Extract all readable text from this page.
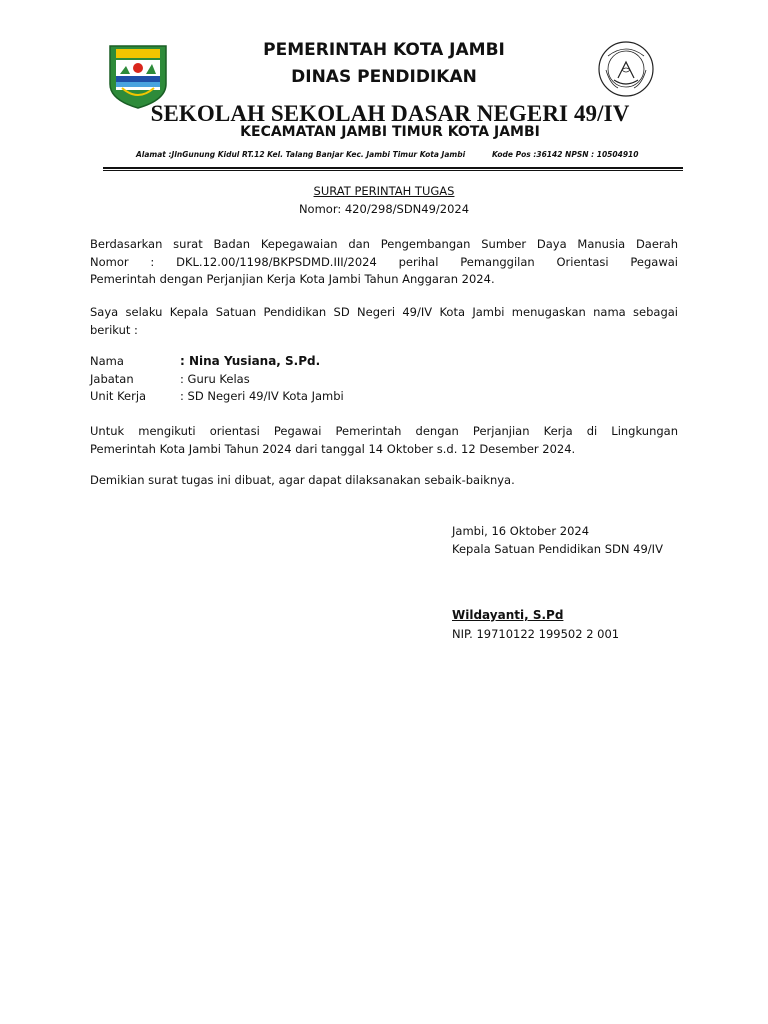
PEMERINTAH KOTA JAMBI
DINAS PENDIDIKAN
SEKOLAH SEKOLAH DASAR NEGERI 49/IV
KECAMATAN JAMBI TIMUR KOTA JAMBI
Alamat :JlnGunung Kidul RT.12 Kel. Talang Banjar Kec. Jambi Timur Kota Jambi	Kode Pos :36142 NPSN : 10504910
SURAT PERINTAH TUGAS
Nomor: 420/298/SDN49/2024
Berdasarkan surat Badan Kepegawaian dan Pengembangan Sumber Daya Manusia Daerah
Nomor : DKL.12.00/1198/BKPSDMD.III/2024 perihal Pemanggilan Orientasi Pegawai
Pemerintah dengan Perjanjian Kerja Kota Jambi Tahun Anggaran 2024.
Saya selaku Kepala Satuan Pendidikan SD Negeri 49/IV Kota Jambi menugaskan nama sebagai
berikut :
Nama	: Nina Yusiana, S.Pd.
Jabatan	: Guru Kelas
Unit Kerja	: SD Negeri 49/IV Kota Jambi
Untuk mengikuti orientasi Pegawai Pemerintah dengan Perjanjian Kerja di Lingkungan
Pemerintah Kota Jambi Tahun 2024 dari tanggal 14 Oktober s.d. 12 Desember 2024.
Demikian surat tugas ini dibuat, agar dapat dilaksanakan sebaik-baiknya.
Jambi, 16 Oktober 2024
Kepala Satuan Pendidikan SDN 49/IV
Wildayanti, S.Pd
NIP. 19710122 199502 2 001
